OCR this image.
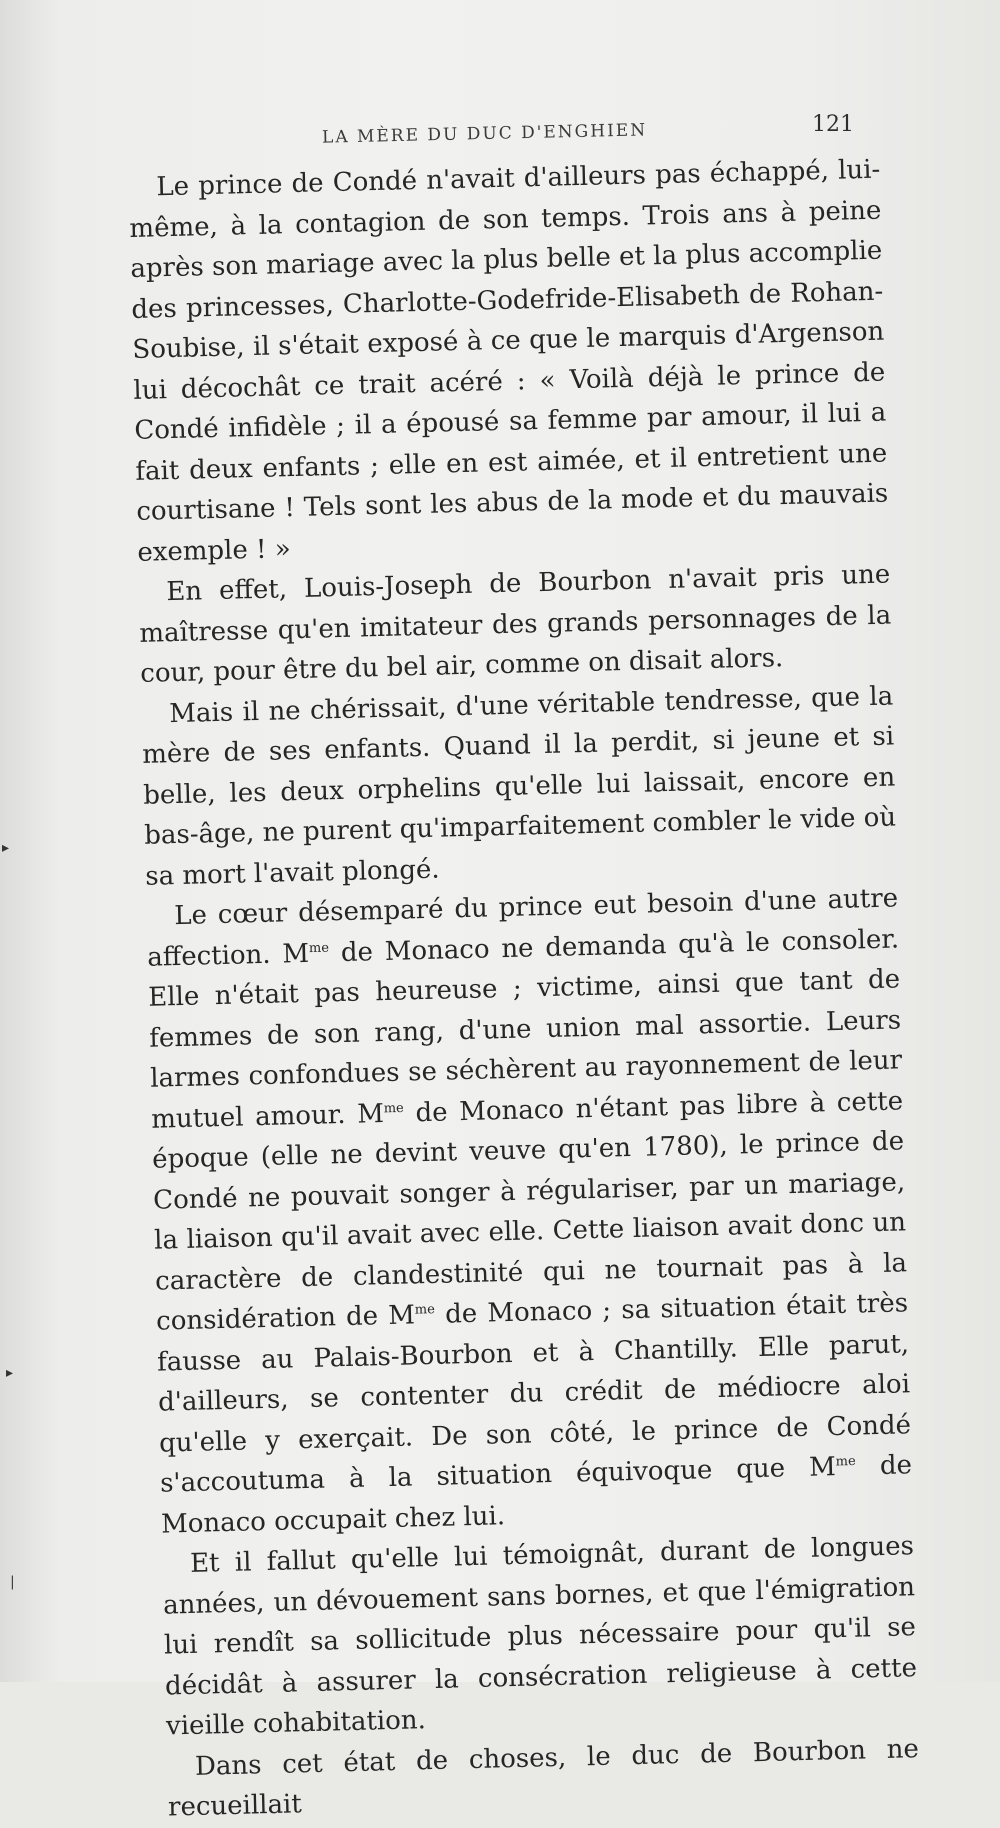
LA MÈRE DU DUC D'ENGHIEN	121

Le prince de Condé n'avait d'ailleurs pas échappé, lui-même, à la contagion de son temps. Trois ans à peine après son mariage avec la plus belle et la plus accomplie des princesses, Charlotte-Godefride-Elisabeth de Rohan-Soubise, il s'était exposé à ce que le marquis d'Argenson lui décochât ce trait acéré : « Voilà déjà le prince de Condé infidèle ; il a épousé sa femme par amour, il lui a fait deux enfants ; elle en est aimée, et il entretient une courtisane ! Tels sont les abus de la mode et du mauvais exemple ! »

En effet, Louis-Joseph de Bourbon n'avait pris une maîtresse qu'en imitateur des grands personnages de la cour, pour être du bel air, comme on disait alors.

Mais il ne chérissait, d'une véritable tendresse, que la mère de ses enfants. Quand il la perdit, si jeune et si belle, les deux orphelins qu'elle lui laissait, encore en bas-âge, ne purent qu'imparfaitement combler le vide où sa mort l'avait plongé.

Le cœur désemparé du prince eut besoin d'une autre affection. $M^{me}$ de Monaco ne demanda qu'à le consoler. Elle n'était pas heureuse ; victime, ainsi que tant de femmes de son rang, d'une union mal assortie. Leurs larmes confondues se séchèrent au rayonnement de leur mutuel amour. $M^{me}$ de Monaco n'étant pas libre à cette époque (elle ne devint veuve qu'en 1780), le prince de Condé ne pouvait songer à régulariser, par un mariage, la liaison qu'il avait avec elle. Cette liaison avait donc un caractère de clandestinité qui ne tournait pas à la considération de $M^{me}$ de Monaco ; sa situation était très fausse au Palais-Bourbon et à Chantilly. Elle parut, d'ailleurs, se contenter du crédit de médiocre aloi qu'elle y exerçait. De son côté, le prince de Condé s'accoutuma à la situation équivoque que $M^{me}$ de Monaco occupait chez lui.

Et il fallut qu'elle lui témoignât, durant de longues années, un dévouement sans bornes, et que l'émigration lui rendît sa sollicitude plus nécessaire pour qu'il se décidât à assurer la consécration religieuse à cette vieille cohabitation.

Dans cet état de choses, le duc de Bourbon ne recueillait

▸
▸
|
